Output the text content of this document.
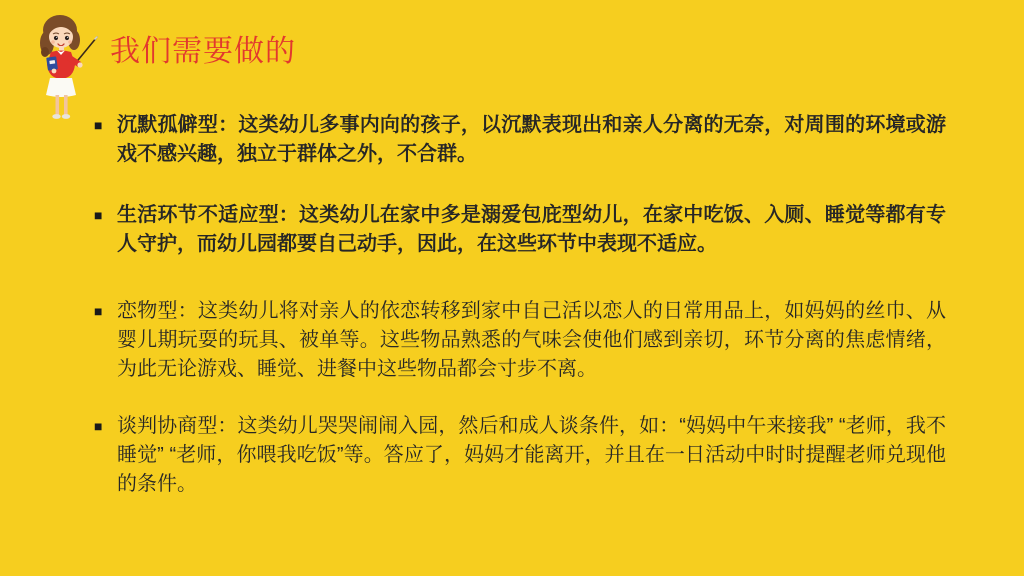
我们需要做的
■ 沉默孤僻型：这类幼儿多事内向的孩子，以沉默表现出和亲人分离的无奈，对周围的环境或游戏不感兴趣，独立于群体之外，不合群。
■ 生活环节不适应型：这类幼儿在家中多是溺爱包庇型幼儿，在家中吃饭、入厕、睡觉等都有专人守护，而幼儿园都要自己动手，因此，在这些环节中表现不适应。
■ 恋物型：这类幼儿将对亲人的依恋转移到家中自己活以恋人的日常用品上，如妈妈的丝巾、从婴儿期玩耍的玩具、被单等。这些物品熟悉的气味会使他们感到亲切，环节分离的焦虑情绪，为此无论游戏、睡觉、进餐中这些物品都会寸步不离。
■ 谈判协商型：这类幼儿哭哭闹闹入园，然后和成人谈条件，如：“妈妈中午来接我” “老师，我不睡觉” “老师，你喂我吃饭”等。答应了，妈妈才能离开，并且在一日活动中时时提醒老师兑现他的条件。
